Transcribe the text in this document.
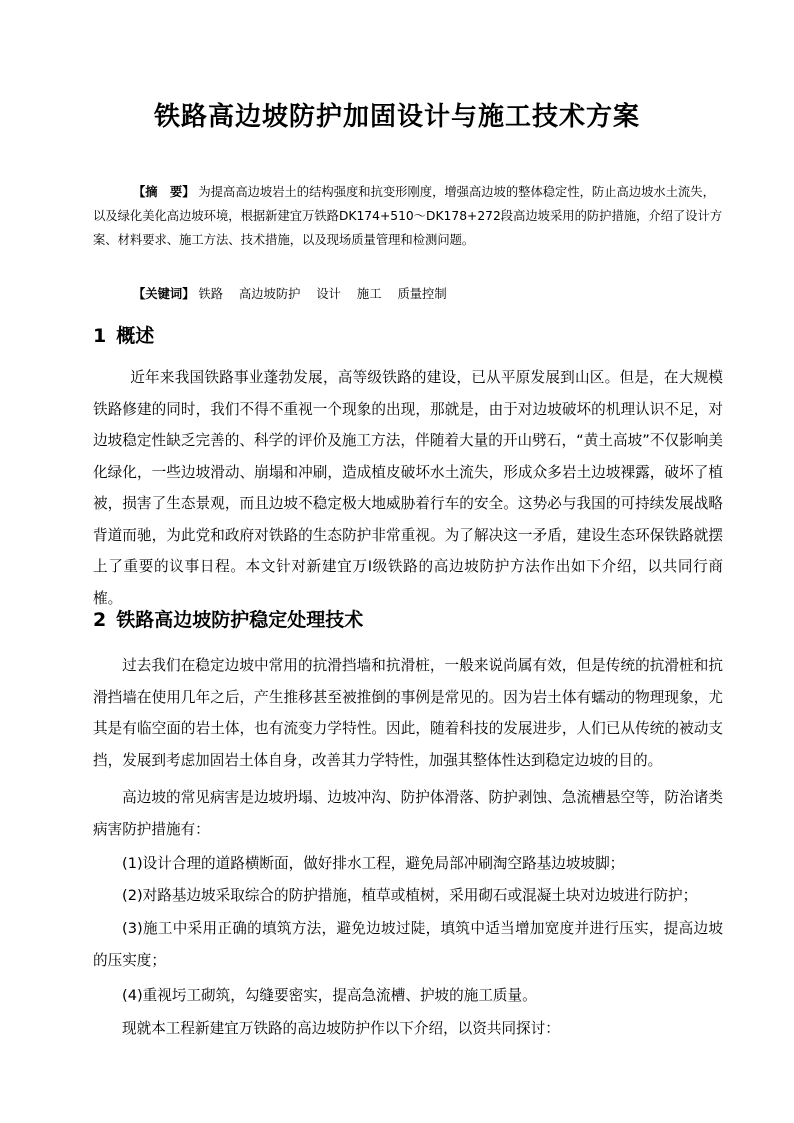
铁路高边坡防护加固设计与施工技术方案
【摘　要】 为提高高边坡岩土的结构强度和抗变形刚度，增强高边坡的整体稳定性，防止高边坡水土流失，以及绿化美化高边坡环境，根据新建宜万铁路DK174+510～DK178+272段高边坡采用的防护措施，介绍了设计方案、材料要求、施工方法、技术措施，以及现场质量管理和检测问题。
【关键词】 铁路 高边坡防护 设计 施工 质量控制
1 概述
近年来我国铁路事业蓬勃发展，高等级铁路的建设，已从平原发展到山区。但是，在大规模铁路修建的同时，我们不得不重视一个现象的出现，那就是，由于对边坡破坏的机理认识不足，对边坡稳定性缺乏完善的、科学的评价及施工方法，伴随着大量的开山劈石，“黄土高坡”不仅影响美化绿化，一些边坡滑动、崩塌和冲刷，造成植皮破坏水土流失，形成众多岩土边坡裸露，破坏了植被，损害了生态景观，而且边坡不稳定极大地威胁着行车的安全。这势必与我国的可持续发展战略背道而驰，为此党和政府对铁路的生态防护非常重视。为了解决这一矛盾，建设生态环保铁路就摆上了重要的议事日程。本文针对新建宜万Ⅰ级铁路的高边坡防护方法作出如下介绍，以共同行商榷。
2 铁路高边坡防护稳定处理技术
过去我们在稳定边坡中常用的抗滑挡墙和抗滑桩，一般来说尚属有效，但是传统的抗滑桩和抗滑挡墙在使用几年之后，产生推移甚至被推倒的事例是常见的。因为岩土体有蠕动的物理现象，尤其是有临空面的岩土体，也有流变力学特性。因此，随着科技的发展进步，人们已从传统的被动支挡，发展到考虑加固岩土体自身，改善其力学特性，加强其整体性达到稳定边坡的目的。
高边坡的常见病害是边坡坍塌、边坡冲沟、防护体滑落、防护剥蚀、急流槽悬空等，防治诸类病害防护措施有：
(1)设计合理的道路横断面，做好排水工程，避免局部冲刷淘空路基边坡坡脚；
(2)对路基边坡采取综合的防护措施，植草或植树，采用砌石或混凝土块对边坡进行防护；
(3)施工中采用正确的填筑方法，避免边坡过陡，填筑中适当增加宽度并进行压实，提高边坡的压实度；
(4)重视圬工砌筑，勾缝要密实，提高急流槽、护坡的施工质量。
现就本工程新建宜万铁路的高边坡防护作以下介绍，以资共同探讨：
